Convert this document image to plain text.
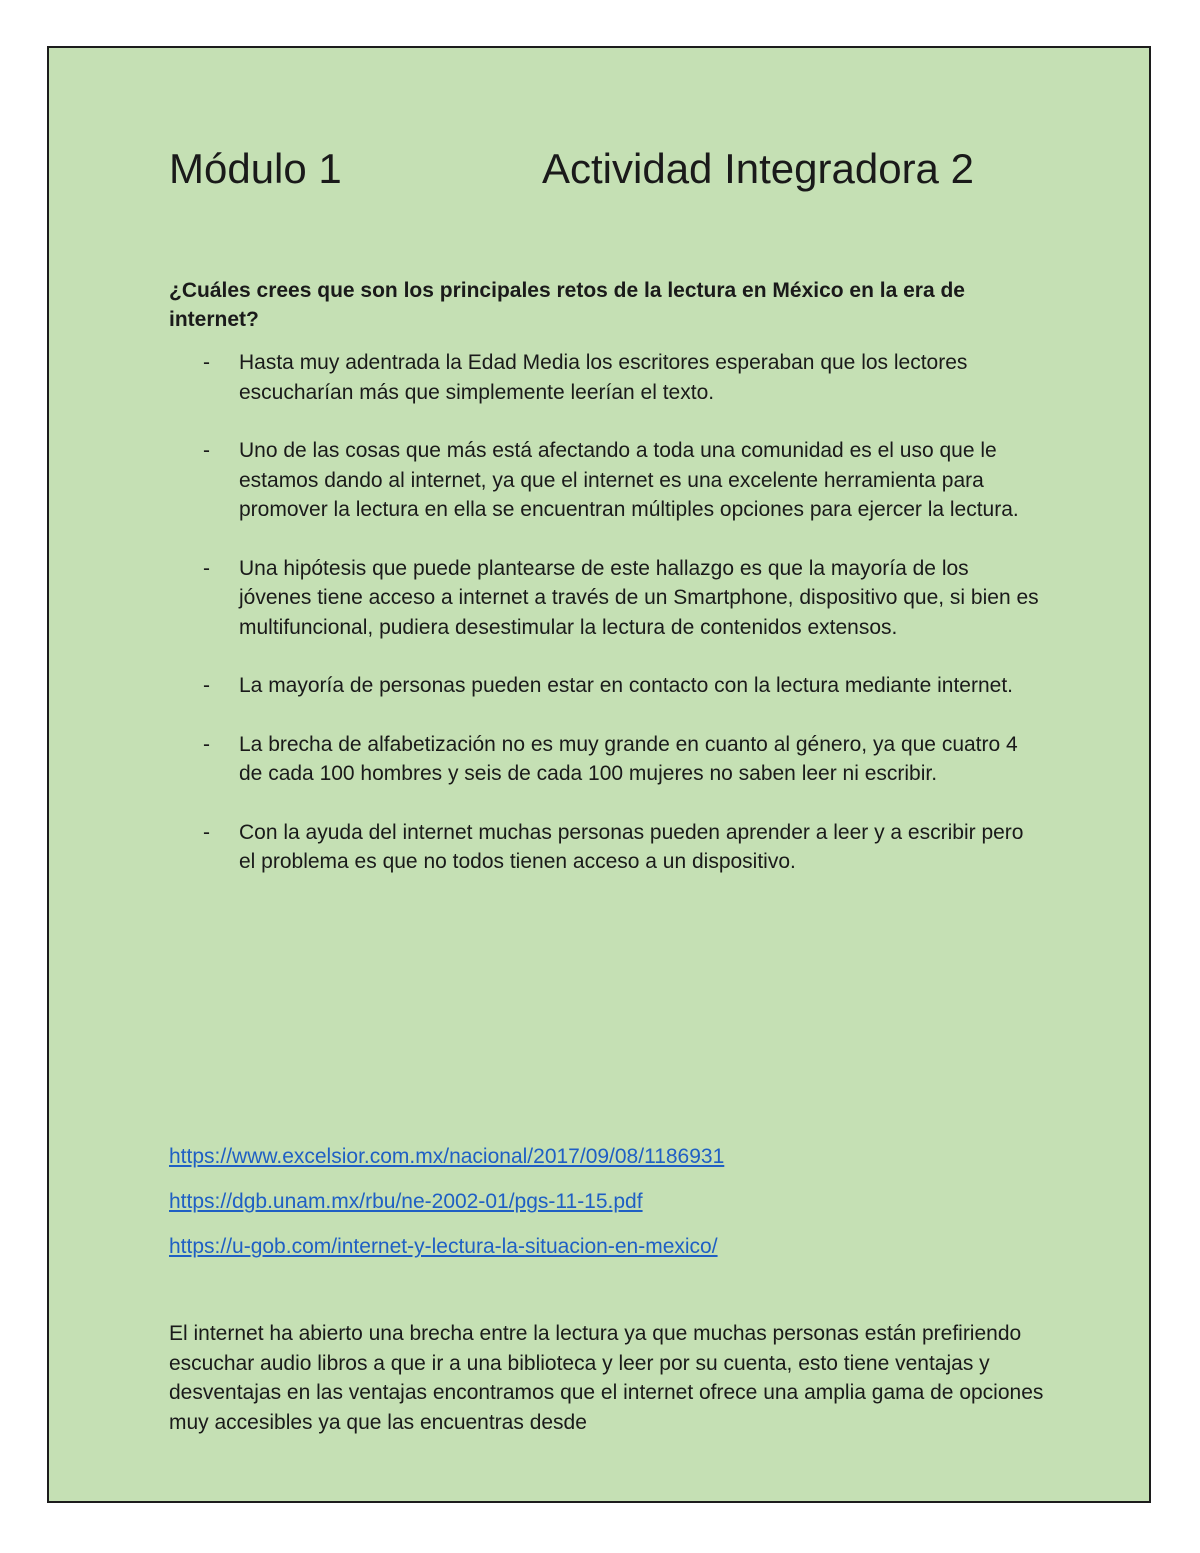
Módulo 1	Actividad Integradora 2
¿Cuáles crees que son los principales retos de la lectura en México en la era de internet?
- Hasta muy adentrada la Edad Media los escritores esperaban que los lectores escucharían más que simplemente leerían el texto.
- Uno de las cosas que más está afectando a toda una comunidad es el uso que le estamos dando al internet, ya que el internet es una excelente herramienta para promover la lectura en ella se encuentran múltiples opciones para ejercer la lectura.
- Una hipótesis que puede plantearse de este hallazgo es que la mayoría de los jóvenes tiene acceso a internet a través de un Smartphone, dispositivo que, si bien es multifuncional, pudiera desestimular la lectura de contenidos extensos.
- La mayoría de personas pueden estar en contacto con la lectura mediante internet.
- La brecha de alfabetización no es muy grande en cuanto al género, ya que cuatro 4 de cada 100 hombres y seis de cada 100 mujeres no saben leer ni escribir.
- Con la ayuda del internet muchas personas pueden aprender a leer y a escribir pero el problema es que no todos tienen acceso a un dispositivo.
https://www.excelsior.com.mx/nacional/2017/09/08/1186931
https://dgb.unam.mx/rbu/ne-2002-01/pgs-11-15.pdf
https://u-gob.com/internet-y-lectura-la-situacion-en-mexico/
El internet ha abierto una brecha entre la lectura ya que muchas personas están prefiriendo escuchar audio libros a que ir a una biblioteca y leer por su cuenta, esto tiene ventajas y desventajas en las ventajas encontramos que el internet ofrece una amplia gama de opciones muy accesibles ya que las encuentras desde
